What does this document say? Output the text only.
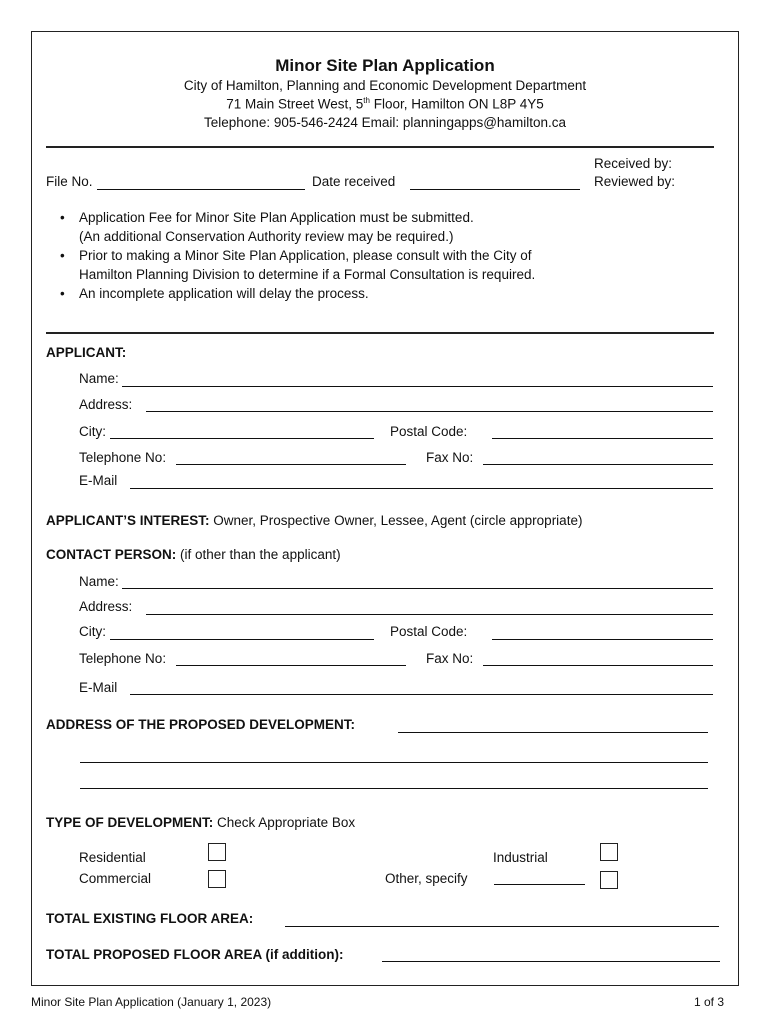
Minor Site Plan Application
City of Hamilton, Planning and Economic Development Department
71 Main Street West, 5th Floor, Hamilton ON L8P 4Y5
Telephone: 905-546-2424 Email: planningapps@hamilton.ca
File No.	Date received
Received by:
Reviewed by:
• Application Fee for Minor Site Plan Application must be submitted.
(An additional Conservation Authority review may be required.)
• Prior to making a Minor Site Plan Application, please consult with the City of
Hamilton Planning Division to determine if a Formal Consultation is required.
• An incomplete application will delay the process.
APPLICANT:
Name:
Address:
City:	Postal Code:
Telephone No:	Fax No:
E-Mail
APPLICANT’S INTEREST: Owner, Prospective Owner, Lessee, Agent (circle appropriate)
CONTACT PERSON: (if other than the applicant)
Name:
Address:
City:	Postal Code:
Telephone No:	Fax No:
E-Mail
ADDRESS OF THE PROPOSED DEVELOPMENT:
TYPE OF DEVELOPMENT: Check Appropriate Box
Residential
Commercial
Industrial
Other, specify
TOTAL EXISTING FLOOR AREA:
TOTAL PROPOSED FLOOR AREA (if addition):
Minor Site Plan Application (January 1, 2023)	1 of 3
